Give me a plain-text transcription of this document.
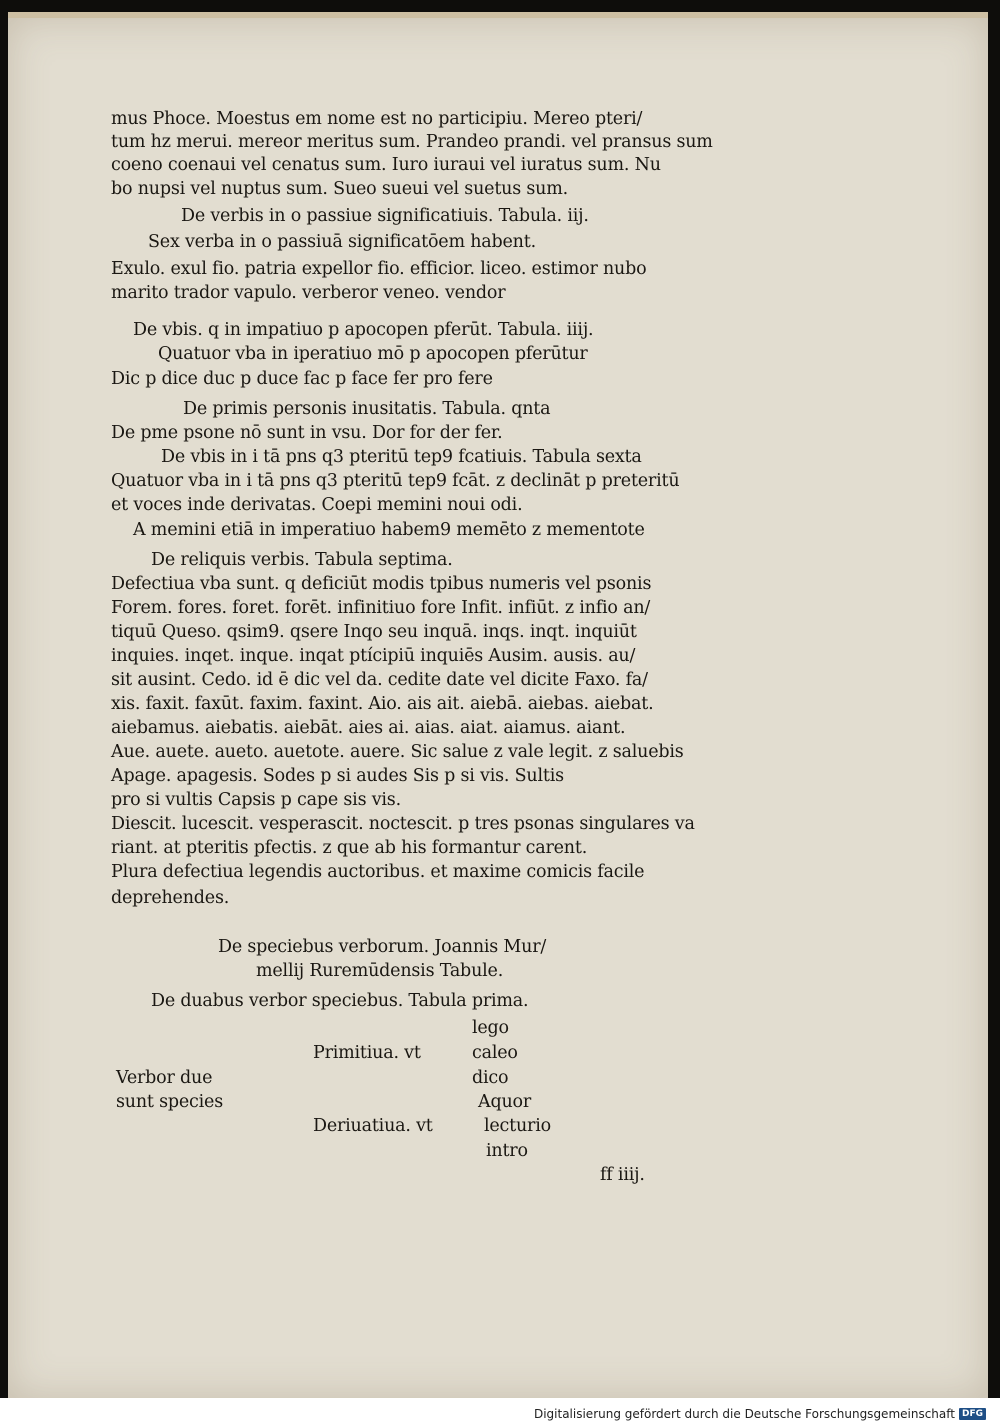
mus Phoce. Moestus em nome est no participiu. Mereo pteri/
tum hz merui. mereor meritus sum. Prandeo prandi. vel pransus sum
coeno coenaui vel cenatus sum. Iuro iuraui vel iuratus sum. Nu
bo nupsi vel nuptus sum. Sueo sueui vel suetus sum.
De verbis in o passiue significatiuis. Tabula. iij.
Sex verba in o passiuā significatōem habent.
Exulo. exul fio. patria expellor fio. efficior. liceo. estimor nubo
marito trador vapulo. verberor veneo. vendor
De vbis. q in impatiuo p apocopen pferūt. Tabula. iiij.
Quatuor vba in iperatiuo mō p apocopen pferūtur
Dic p dice duc p duce fac p face fer pro fere
De primis personis inusitatis. Tabula. qnta
De pme psone nō sunt in vsu. Dor for der fer.
De vbis in i tā pns q3 pteritū tep9 fcatiuis. Tabula sexta
Quatuor vba in i tā pns q3 pteritū tep9 fcāt. z declināt p preteritū
et voces inde derivatas. Coepi memini noui odi.
A memini etiā in imperatiuo habem9 memēto z mementote
De reliquis verbis. Tabula septima.
Defectiua vba sunt. q deficiūt modis tpibus numeris vel psonis
Forem. fores. foret. forēt. infinitiuo fore Infit. infiūt. z infio an/
tiquū Queso. qsim9. qsere Inqo seu inquā. inqs. inqt. inquiūt
inquies. inqet. inque. inqat ptícipiū inquiēs Ausim. ausis. au/
sit ausint. Cedo. id ē dic vel da. cedite date vel dicite Faxo. fa/
xis. faxit. faxūt. faxim. faxint. Aio. ais ait. aiebā. aiebas. aiebat.
aiebamus. aiebatis. aiebāt. aies ai. aias. aiat. aiamus. aiant.
Aue. auete. aueto. auetote. auere. Sic salue z vale legit. z saluebis
Apage. apagesis. Sodes p si audes Sis p si vis. Sultis
pro si vultis Capsis p cape sis vis.
Diescit. lucescit. vesperascit. noctescit. p tres psonas singulares va
riant. at pteritis pfectis. z que ab his formantur carent.
Plura defectiua legendis auctoribus. et maxime comicis facile
deprehendes.
De speciebus verborum. Joannis Mur/
mellij Ruremūdensis Tabule.
De duabus verbor speciebus. Tabula prima.
lego
Primitiua. vt	caleo
Verbor due	dico
sunt species	Aquor
Deriuatiua. vt	lecturio
intro
ff iiij.
Digitalisierung gefördert durch die Deutsche Forschungsgemeinschaft DFG
